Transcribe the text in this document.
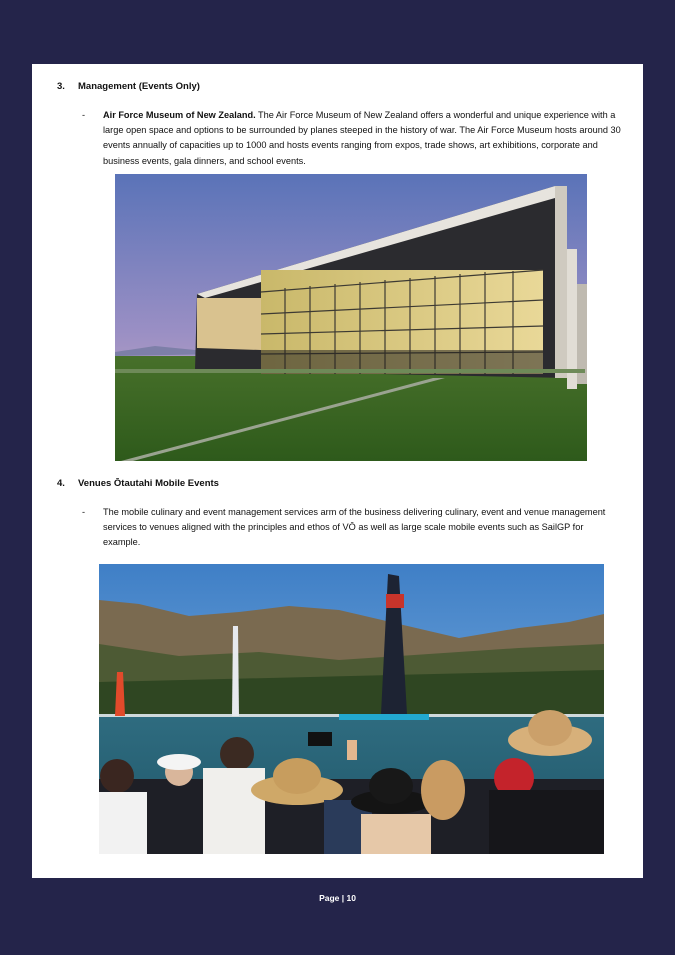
3. Management (Events Only)
- Air Force Museum of New Zealand. The Air Force Museum of New Zealand offers a wonderful and unique experience with a large open space and options to be surrounded by planes steeped in the history of war. The Air Force Museum hosts around 30 events annually of capacities up to 1000 and hosts events ranging from expos, trade shows, art exhibitions, corporate and business events, gala dinners, and school events.
4. Venues Ōtautahi Mobile Events
- The mobile culinary and event management services arm of the business delivering culinary, event and venue management services to venues aligned with the principles and ethos of VŌ as well as large scale mobile events such as SailGP for example.
Page | 10
